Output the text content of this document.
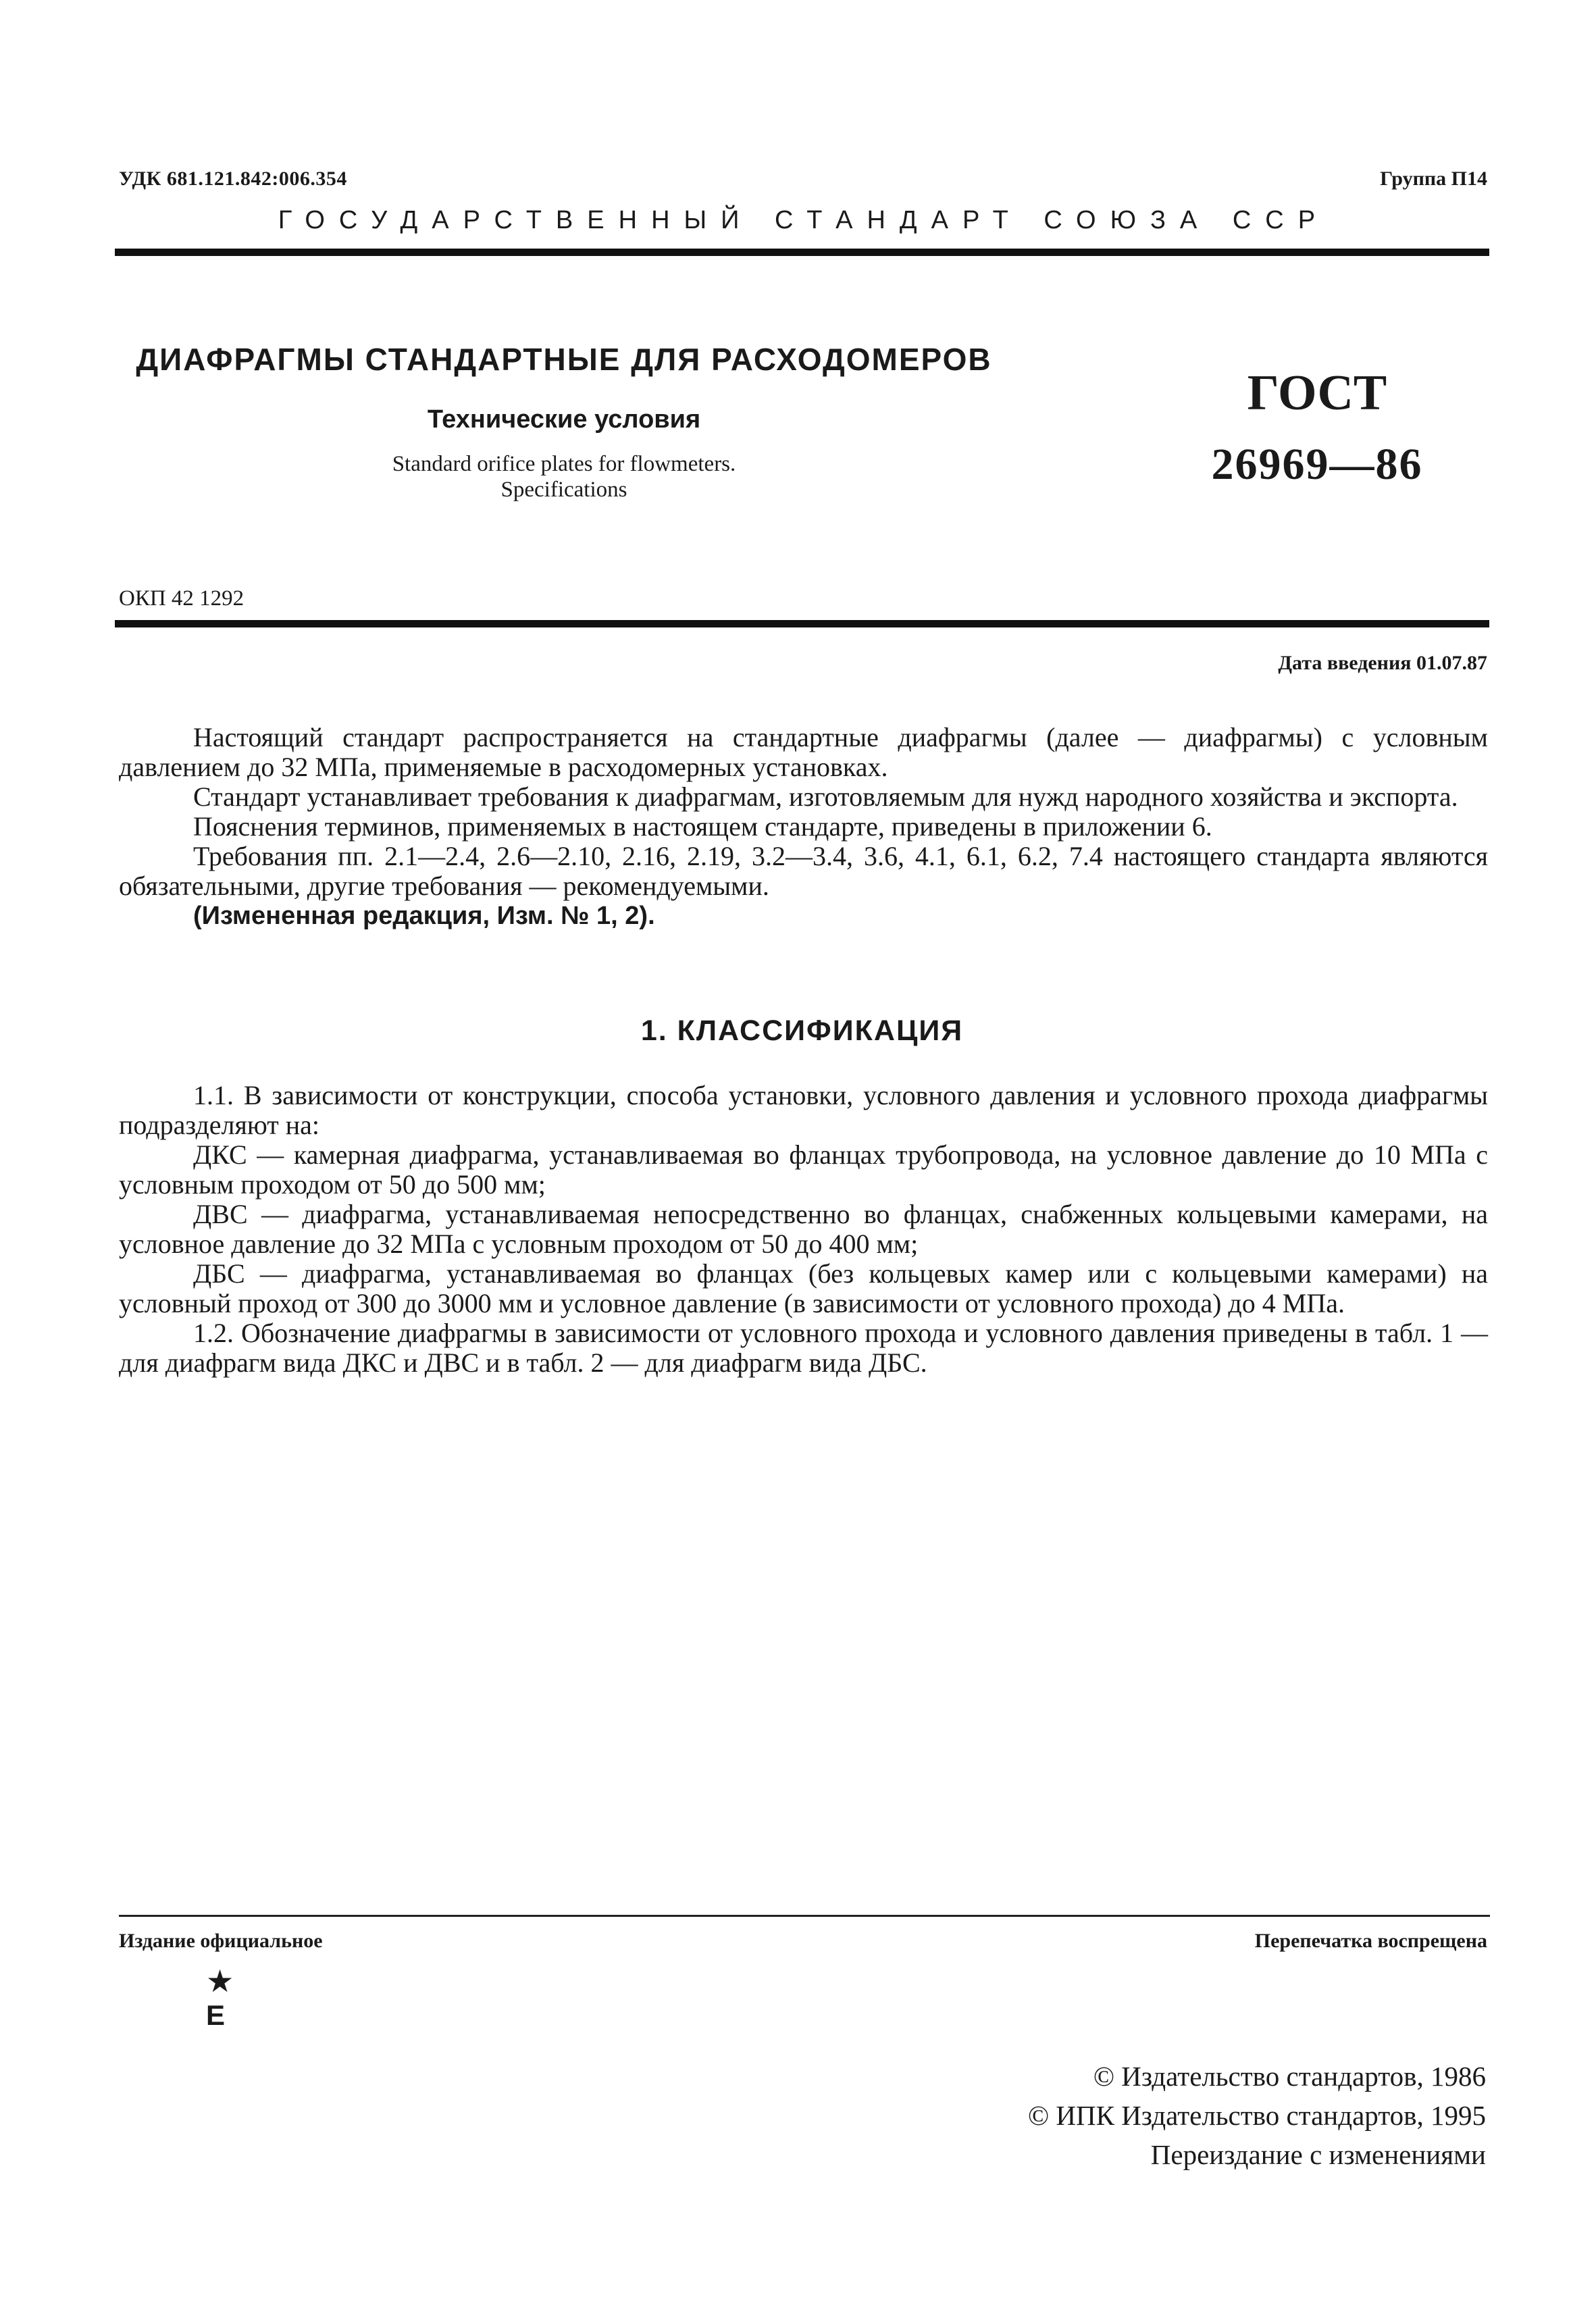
УДК 681.121.842:006.354	Группа П14
ГОСУДАРСТВЕННЫЙ СТАНДАРТ СОЮЗА ССР
ДИАФРАГМЫ СТАНДАРТНЫЕ ДЛЯ РАСХОДОМЕРОВ
Технические условия
Standard orifice plates for flowmeters.
Specifications
ГОСТ
26969—86
ОКП 42 1292
Дата введения 01.07.87

Настоящий стандарт распространяется на стандартные диафрагмы (далее — диафрагмы) с условным давлением до 32 МПа, применяемые в расходомерных установках.

Стандарт устанавливает требования к диафрагмам, изготовляемым для нужд народного хозяйства и экспорта.

Пояснения терминов, применяемых в настоящем стандарте, приведены в приложении 6.

Требования пп. 2.1—2.4, 2.6—2.10, 2.16, 2.19, 3.2—3.4, 3.6, 4.1, 6.1, 6.2, 7.4 настоящего стандарта являются обязательными, другие требования — рекомендуемыми.

(Измененная редакция, Изм. № 1, 2).

1. КЛАССИФИКАЦИЯ

1.1. В зависимости от конструкции, способа установки, условного давления и условного прохода диафрагмы подразделяют на:

ДКС — камерная диафрагма, устанавливаемая во фланцах трубопровода, на условное давление до 10 МПа с условным проходом от 50 до 500 мм;

ДВС — диафрагма, устанавливаемая непосредственно во фланцах, снабженных кольцевыми камерами, на условное давление до 32 МПа с условным проходом от 50 до 400 мм;

ДБС — диафрагма, устанавливаемая во фланцах (без кольцевых камер или с кольцевыми камерами) на условный проход от 300 до 3000 мм и условное давление (в зависимости от условного прохода) до 4 МПа.

1.2. Обозначение диафрагмы в зависимости от условного прохода и условного давления приведены в табл. 1 — для диафрагм вида ДКС и ДВС и в табл. 2 — для диафрагм вида ДБС.

Издание официальное	Перепечатка воспрещена
★
Е
© Издательство стандартов, 1986
© ИПК Издательство стандартов, 1995
Переиздание с изменениями
